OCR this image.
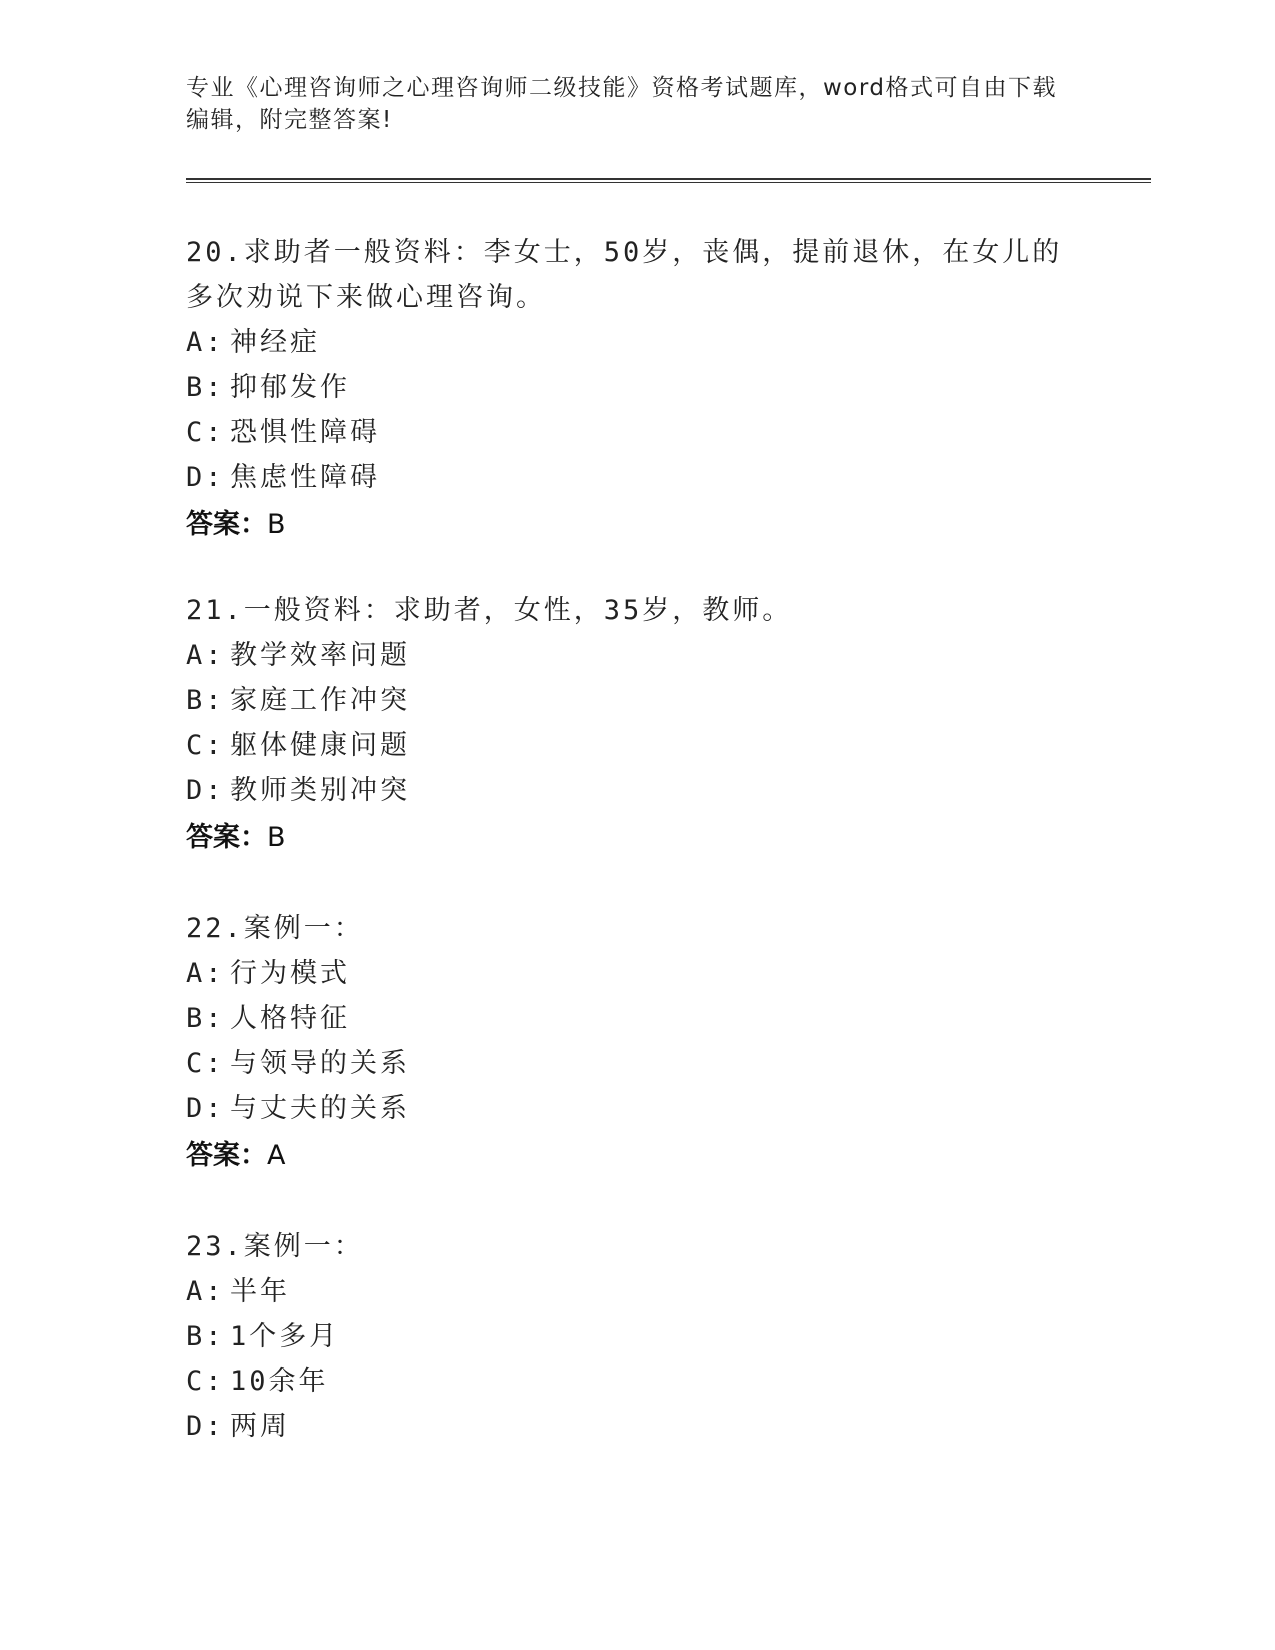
专业《心理咨询师之心理咨询师二级技能》资格考试题库，word格式可自由下载
编辑，附完整答案!
20.求助者一般资料：李女士，50岁，丧偶，提前退休，在女儿的多次劝说下来做心理咨询。
A: 神经症
B: 抑郁发作
C: 恐惧性障碍
D: 焦虑性障碍
答案：B
21.一般资料：求助者，女性，35岁，教师。
A: 教学效率问题
B: 家庭工作冲突
C: 躯体健康问题
D: 教师类别冲突
答案：B
22.案例一：
A: 行为模式
B: 人格特征
C: 与领导的关系
D: 与丈夫的关系
答案：A
23.案例一：
A: 半年
B: 1个多月
C: 10余年
D: 两周
